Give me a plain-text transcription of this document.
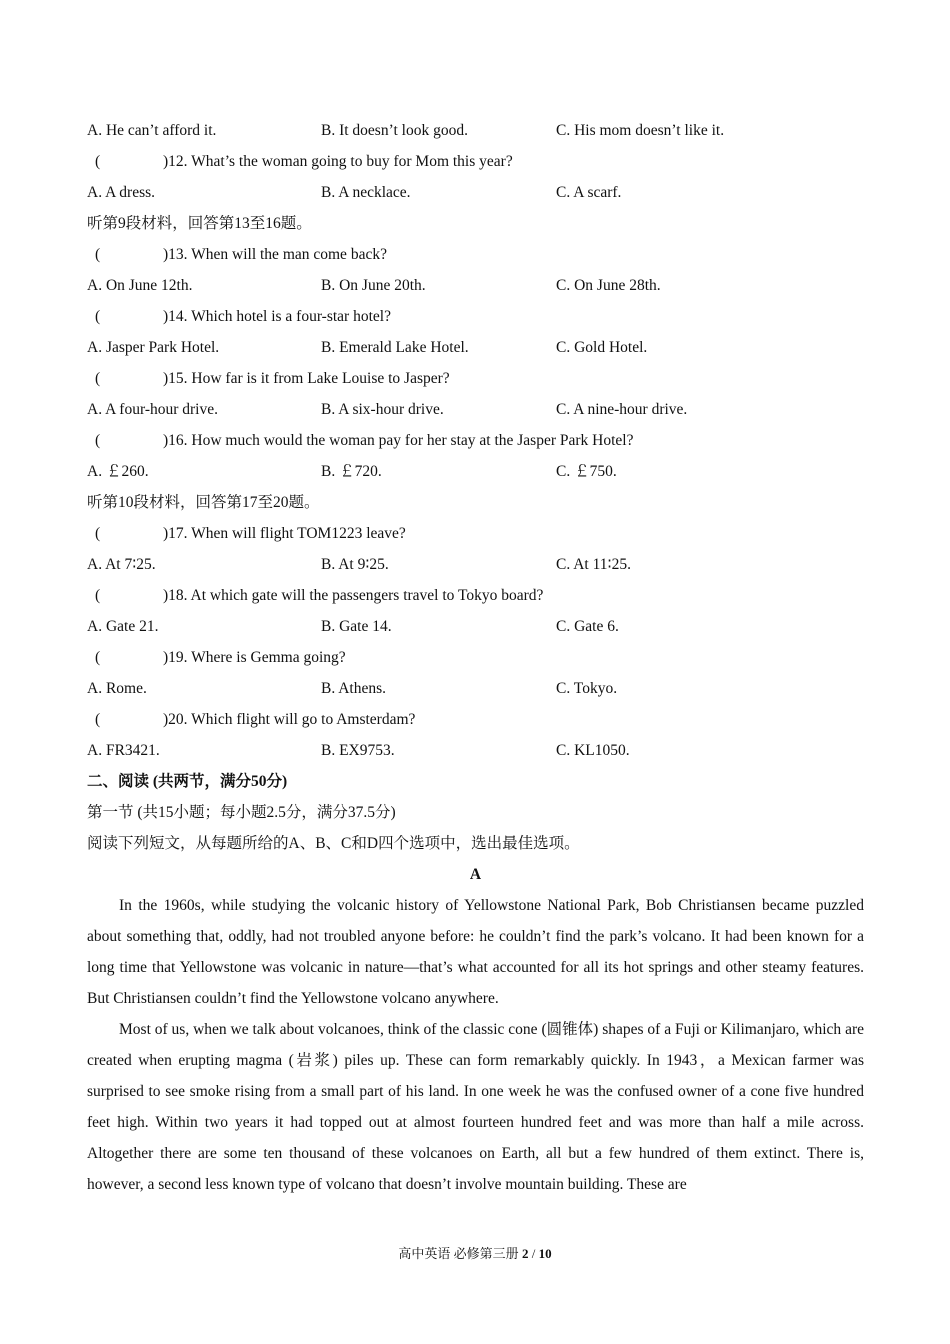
A. He can’t afford it.	B. It doesn’t look good.	C. His mom doesn’t like it.
(	)12. What’s the woman going to buy for Mom this year?
A. A dress.	B. A necklace.	C. A scarf.
听第9段材料，回答第13至16题。
(	)13. When will the man come back?
A. On June 12th.	B. On June 20th.	C. On June 28th.
(	)14. Which hotel is a four-star hotel?
A. Jasper Park Hotel.	B. Emerald Lake Hotel.	C. Gold Hotel.
(	)15. How far is it from Lake Louise to Jasper?
A. A four-hour drive.	B. A six-hour drive.	C. A nine-hour drive.
(	)16. How much would the woman pay for her stay at the Jasper Park Hotel?
A. ￡260.	B. ￡720.	C. ￡750.
听第10段材料，回答第17至20题。
(	)17. When will flight TOM1223 leave?
A. At 7∶25.	B. At 9∶25.	C. At 11∶25.
(	)18. At which gate will the passengers travel to Tokyo board?
A. Gate 21.	B. Gate 14.	C. Gate 6.
(	)19. Where is Gemma going?
A. Rome.	B. Athens.	C. Tokyo.
(	)20. Which flight will go to Amsterdam?
A. FR3421.	B. EX9753.	C. KL1050.
二、阅读 (共两节，满分50分)
第一节 (共15小题；每小题2.5分，满分37.5分)
阅读下列短文，从每题所给的A、B、C和D四个选项中，选出最佳选项。
A

In the 1960s, while studying the volcanic history of Yellowstone National Park, Bob Christiansen became puzzled about something that, oddly, had not troubled anyone before: he couldn’t find the park’s volcano. It had been known for a long time that Yellowstone was volcanic in nature—that’s what accounted for all its hot springs and other steamy features. But Christiansen couldn’t find the Yellowstone volcano anywhere.

Most of us, when we talk about volcanoes, think of the classic cone (圆锥体) shapes of a Fuji or Kilimanjaro, which are created when erupting magma (岩浆) piles up. These can form remarkably quickly. In 1943，a Mexican farmer was surprised to see smoke rising from a small part of his land. In one week he was the confused owner of a cone five hundred feet high. Within two years it had topped out at almost fourteen hundred feet and was more than half a mile across. Altogether there are some ten thousand of these volcanoes on Earth, all but a few hundred of them extinct. There is, however, a second less known type of volcano that doesn’t involve mountain building. These are

高中英语 必修第三册 2 / 10
